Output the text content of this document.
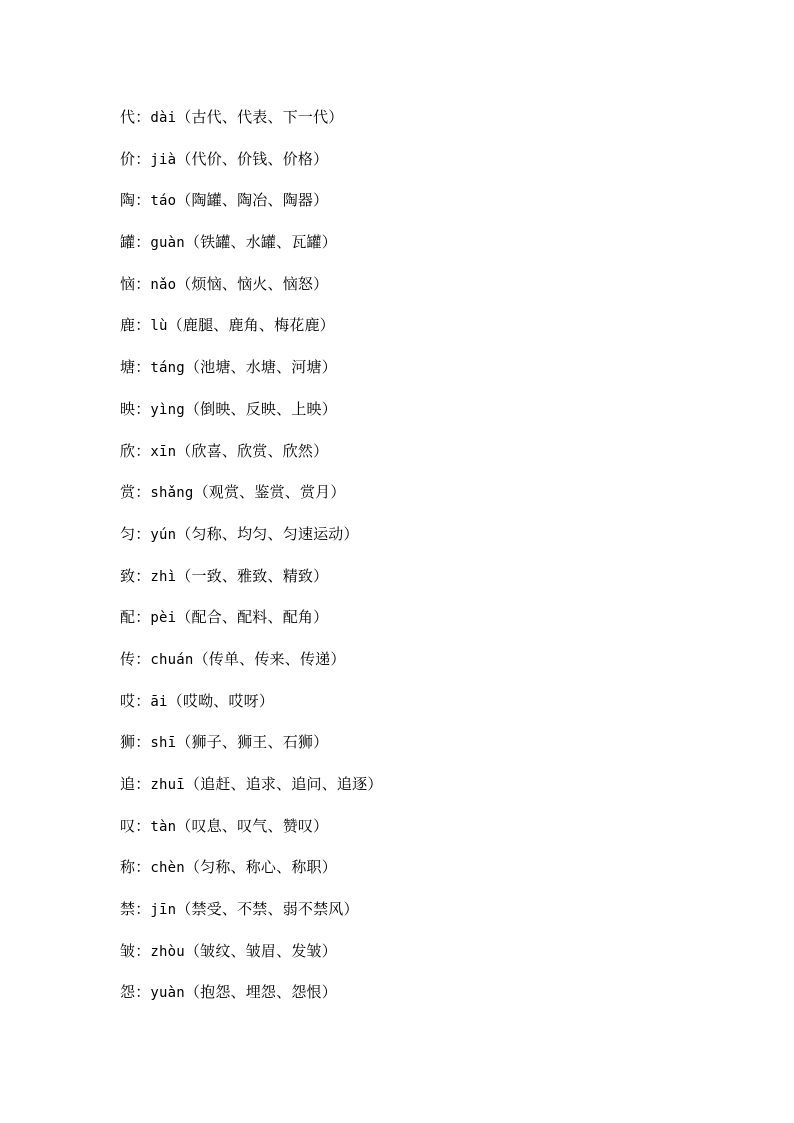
代：dài（古代、代表、下一代）
价：jià（代价、价钱、价格）
陶：táo（陶罐、陶冶、陶器）
罐：guàn（铁罐、水罐、瓦罐）
恼：nǎo（烦恼、恼火、恼怒）
鹿：lù（鹿腿、鹿角、梅花鹿）
塘：táng（池塘、水塘、河塘）
映：yìng（倒映、反映、上映）
欣：xīn（欣喜、欣赏、欣然）
赏：shǎng（观赏、鉴赏、赏月）
匀：yún（匀称、均匀、匀速运动）
致：zhì（一致、雅致、精致）
配：pèi（配合、配料、配角）
传：chuán（传单、传来、传递）
哎：āi（哎呦、哎呀）
狮：shī（狮子、狮王、石狮）
追：zhuī（追赶、追求、追问、追逐）
叹：tàn（叹息、叹气、赞叹）
称：chèn（匀称、称心、称职）
禁：jīn（禁受、不禁、弱不禁风）
皱：zhòu（皱纹、皱眉、发皱）
怨：yuàn（抱怨、埋怨、怨恨）
